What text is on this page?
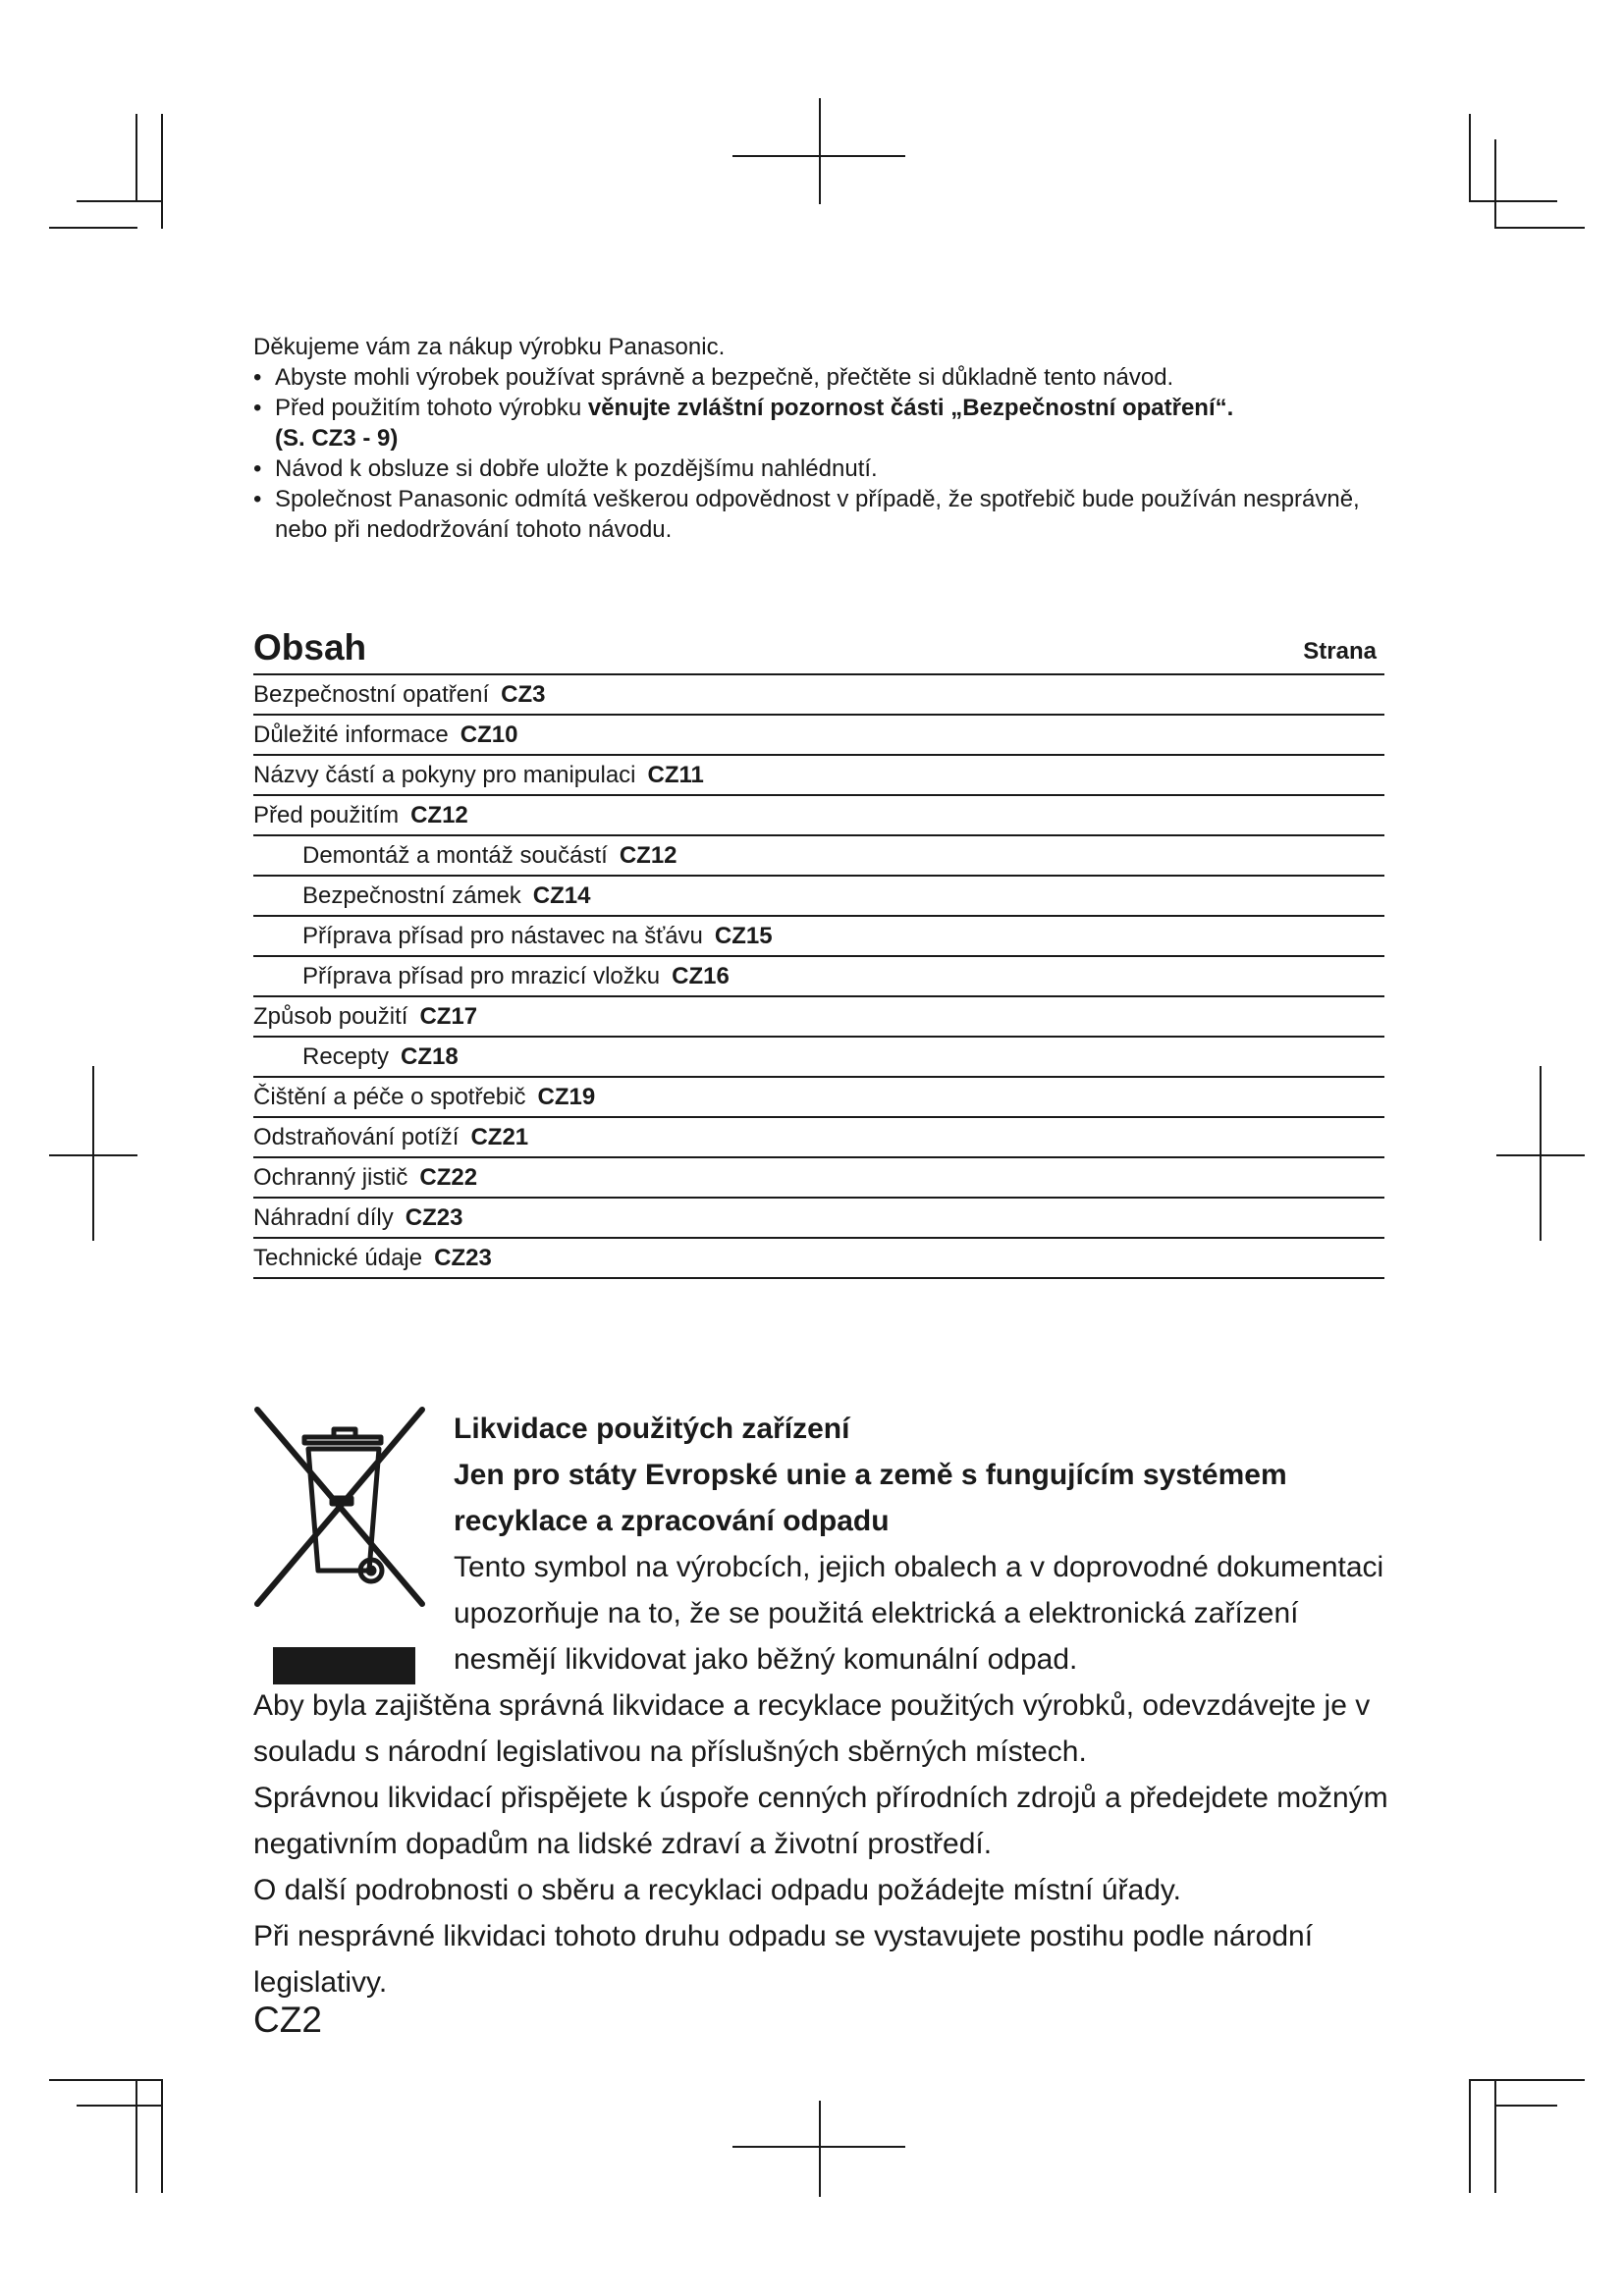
Děkujeme vám za nákup výrobku Panasonic.

• Abyste mohli výrobek používat správně a bezpečně, přečtěte si důkladně tento návod.

• Před použitím tohoto výrobku věnujte zvláštní pozornost části „Bezpečnostní opatření“.
(S. CZ3 - 9)

• Návod k obsluze si dobře uložte k pozdějšímu nahlédnutí.

• Společnost Panasonic odmítá veškerou odpovědnost v případě, že spotřebič bude používán nesprávně, nebo při nedodržování tohoto návodu.

Obsah	Strana
Bezpečnostní opatření CZ3
Důležité informace CZ10
Názvy částí a pokyny pro manipulaci CZ11
Před použitím CZ12
Demontáž a montáž součástí CZ12
Bezpečnostní zámek CZ14
Příprava přísad pro nástavec na šťávu CZ15
Příprava přísad pro mrazicí vložku CZ16
Způsob použití CZ17
Recepty CZ18
Čištění a péče o spotřebič CZ19
Odstraňování potíží CZ21
Ochranný jistič CZ22
Náhradní díly CZ23
Technické údaje CZ23

Likvidace použitých zařízení

Jen pro státy Evropské unie a země s fungujícím systémem recyklace a zpracování odpadu

Tento symbol na výrobcích, jejich obalech a v doprovodné dokumentaci upozorňuje na to, že se použitá elektrická a elektronická zařízení nesmějí likvidovat jako běžný komunální odpad.

Aby byla zajištěna správná likvidace a recyklace použitých výrobků, odevzdávejte je v souladu s národní legislativou na příslušných sběrných místech.

Správnou likvidací přispějete k úspoře cenných přírodních zdrojů a předejdete možným negativním dopadům na lidské zdraví a životní prostředí.

O další podrobnosti o sběru a recyklaci odpadu požádejte místní úřady.

Při nesprávné likvidaci tohoto druhu odpadu se vystavujete postihu podle národní legislativy.

CZ2
